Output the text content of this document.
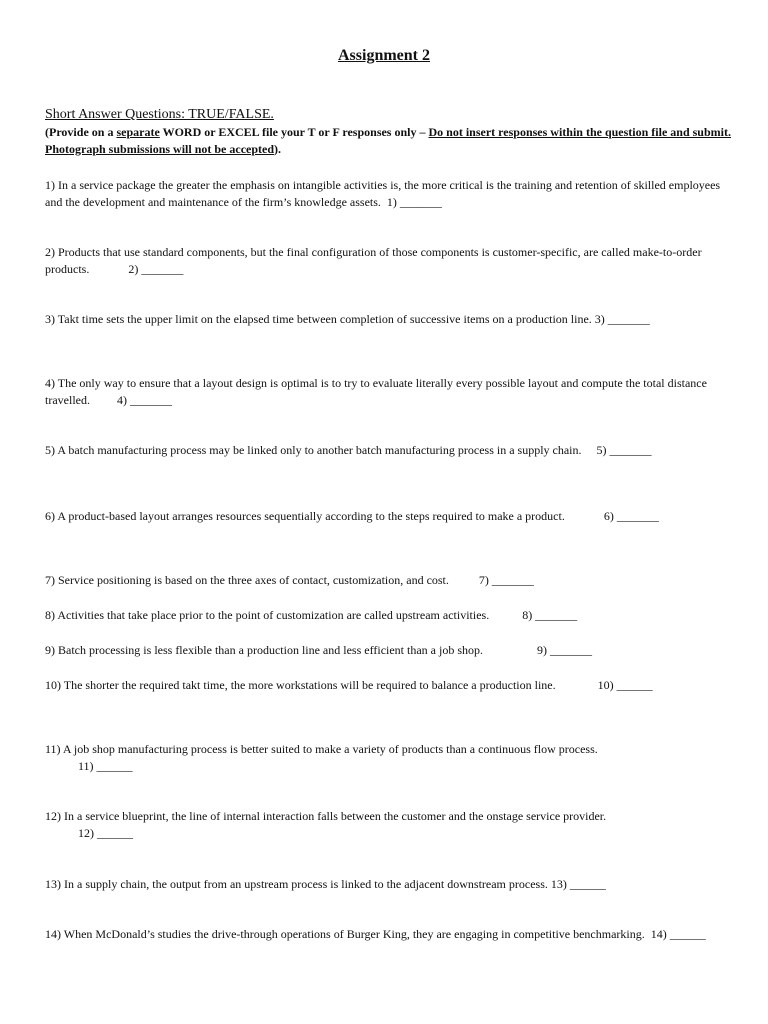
Assignment 2
Short Answer Questions: TRUE/FALSE.
(Provide on a separate WORD or EXCEL file your T or F responses only – Do not insert responses within the question file and submit. Photograph submissions will not be accepted).
1) In a service package the greater the emphasis on intangible activities is, the more critical is the training and retention of skilled employees and the development and maintenance of the firm’s knowledge assets.  1) _______
2) Products that use standard components, but the final configuration of those components is customer-specific, are called make-to-order products.             2) _______
3) Takt time sets the upper limit on the elapsed time between completion of successive items on a production line. 3) _______
4) The only way to ensure that a layout design is optimal is to try to evaluate literally every possible layout and compute the total distance travelled.         4) _______
5) A batch manufacturing process may be linked only to another batch manufacturing process in a supply chain.     5) _______
6) A product-based layout arranges resources sequentially according to the steps required to make a product.             6) _______
7) Service positioning is based on the three axes of contact, customization, and cost.          7) _______
8) Activities that take place prior to the point of customization are called upstream activities.           8) _______
9) Batch processing is less flexible than a production line and less efficient than a job shop.                  9) _______
10) The shorter the required takt time, the more workstations will be required to balance a production line.              10) ______
11) A job shop manufacturing process is better suited to make a variety of products than a continuous flow process.
11) ______
12) In a service blueprint, the line of internal interaction falls between the customer and the onstage service provider.
12) ______
13) In a supply chain, the output from an upstream process is linked to the adjacent downstream process. 13) ______
14) When McDonald’s studies the drive-through operations of Burger King, they are engaging in competitive benchmarking.  14) ______
